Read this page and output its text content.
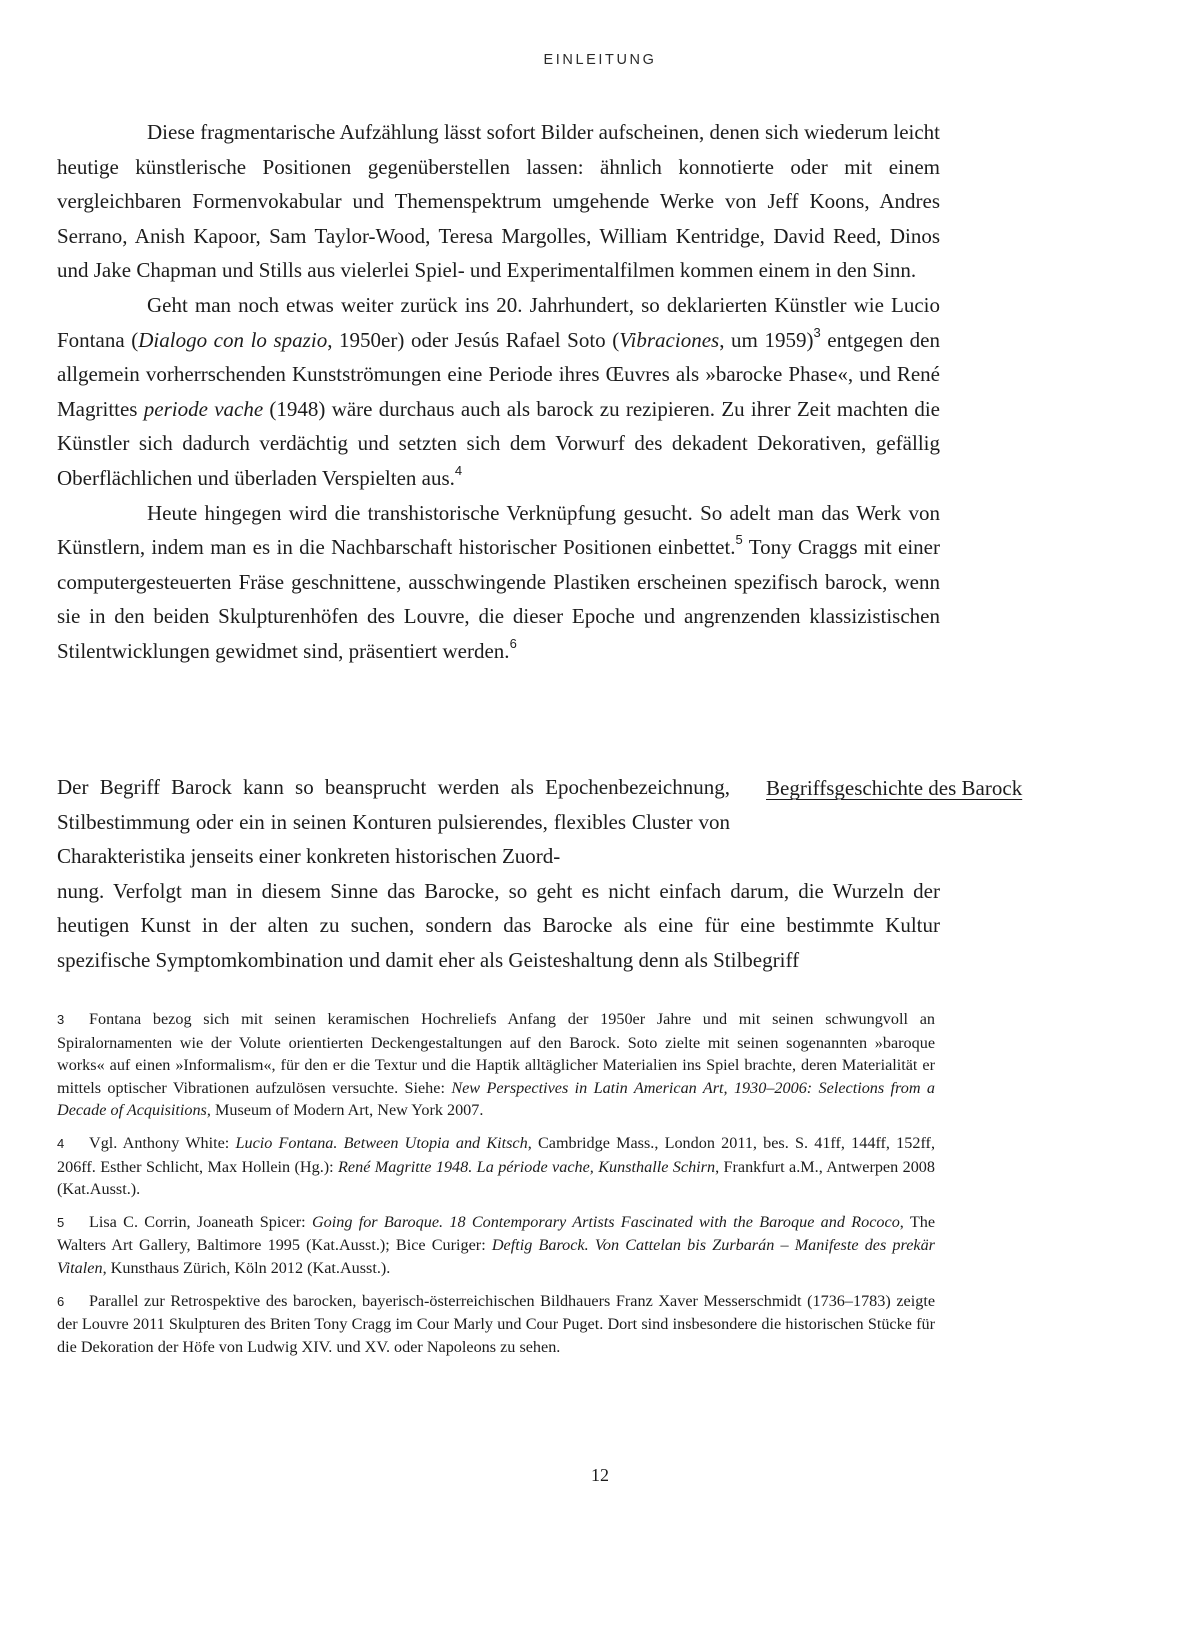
EINLEITUNG

Diese fragmentarische Aufzählung lässt sofort Bilder aufscheinen, denen sich wiederum leicht heutige künstlerische Positionen gegenüberstellen lassen: ähnlich konnotierte oder mit einem vergleichbaren Formenvokabular und Themenspektrum umgehende Werke von Jeff Koons, Andres Serrano, Anish Kapoor, Sam Taylor-Wood, Teresa Margolles, William Kentridge, David Reed, Dinos und Jake Chapman und Stills aus vielerlei Spiel- und Experimentalfilmen kommen einem in den Sinn.

Geht man noch etwas weiter zurück ins 20. Jahrhundert, so deklarierten Künstler wie Lucio Fontana (Dialogo con lo spazio, 1950er) oder Jesús Rafael Soto (Vibraciones, um 1959)$^3$ entgegen den allgemein vorherrschenden Kunstströmungen eine Periode ihres Œuvres als »barocke Phase«, und René Magrittes periode vache (1948) wäre durchaus auch als barock zu rezipieren. Zu ihrer Zeit machten die Künstler sich dadurch verdächtig und setzten sich dem Vorwurf des dekadent Dekorativen, gefällig Oberflächlichen und überladen Verspielten aus.$^4$

Heute hingegen wird die transhistorische Verknüpfung gesucht. So adelt man das Werk von Künstlern, indem man es in die Nachbarschaft historischer Positionen einbettet.$^5$ Tony Craggs mit einer computergesteuerten Fräse geschnittene, ausschwingende Plastiken erscheinen spezifisch barock, wenn sie in den beiden Skulpturenhöfen des Louvre, die dieser Epoche und angrenzenden klassizistischen Stilentwicklungen gewidmet sind, präsentiert werden.$^6$

Begriffsgeschichte des Barock

Der Begriff Barock kann so beansprucht werden als Epochenbezeichnung, Stilbestimmung oder ein in seinen Konturen pulsierendes, flexibles Cluster von Charakteristika jenseits einer konkreten historischen Zuord-

nung. Verfolgt man in diesem Sinne das Barocke, so geht es nicht einfach darum, die Wurzeln der heutigen Kunst in der alten zu suchen, sondern das Barocke als eine für eine bestimmte Kultur spezifische Symptomkombination und damit eher als Geisteshaltung denn als Stilbegriff

3 Fontana bezog sich mit seinen keramischen Hochreliefs Anfang der 1950er Jahre und mit seinen schwungvoll an Spiralornamenten wie der Volute orientierten Deckengestaltungen auf den Barock. Soto zielte mit seinen sogenannten »baroque works« auf einen »Informalism«, für den er die Textur und die Haptik alltäglicher Materialien ins Spiel brachte, deren Materialität er mittels optischer Vibrationen aufzulösen versuchte. Siehe: New Perspectives in Latin American Art, 1930–2006: Selections from a Decade of Acquisitions, Museum of Modern Art, New York 2007.

4 Vgl. Anthony White: Lucio Fontana. Between Utopia and Kitsch, Cambridge Mass., London 2011, bes. S. 41ff, 144ff, 152ff, 206ff. Esther Schlicht, Max Hollein (Hg.): René Magritte 1948. La période vache, Kunsthalle Schirn, Frankfurt a.M., Antwerpen 2008 (Kat.Ausst.).

5 Lisa C. Corrin, Joaneath Spicer: Going for Baroque. 18 Contemporary Artists Fascinated with the Baroque and Rococo, The Walters Art Gallery, Baltimore 1995 (Kat.Ausst.); Bice Curiger: Deftig Barock. Von Cattelan bis Zurbarán – Manifeste des prekär Vitalen, Kunsthaus Zürich, Köln 2012 (Kat.Ausst.).

6 Parallel zur Retrospektive des barocken, bayerisch-österreichischen Bildhauers Franz Xaver Messerschmidt (1736–1783) zeigte der Louvre 2011 Skulpturen des Briten Tony Cragg im Cour Marly und Cour Puget. Dort sind insbesondere die historischen Stücke für die Dekoration der Höfe von Ludwig XIV. und XV. oder Napoleons zu sehen.

12
